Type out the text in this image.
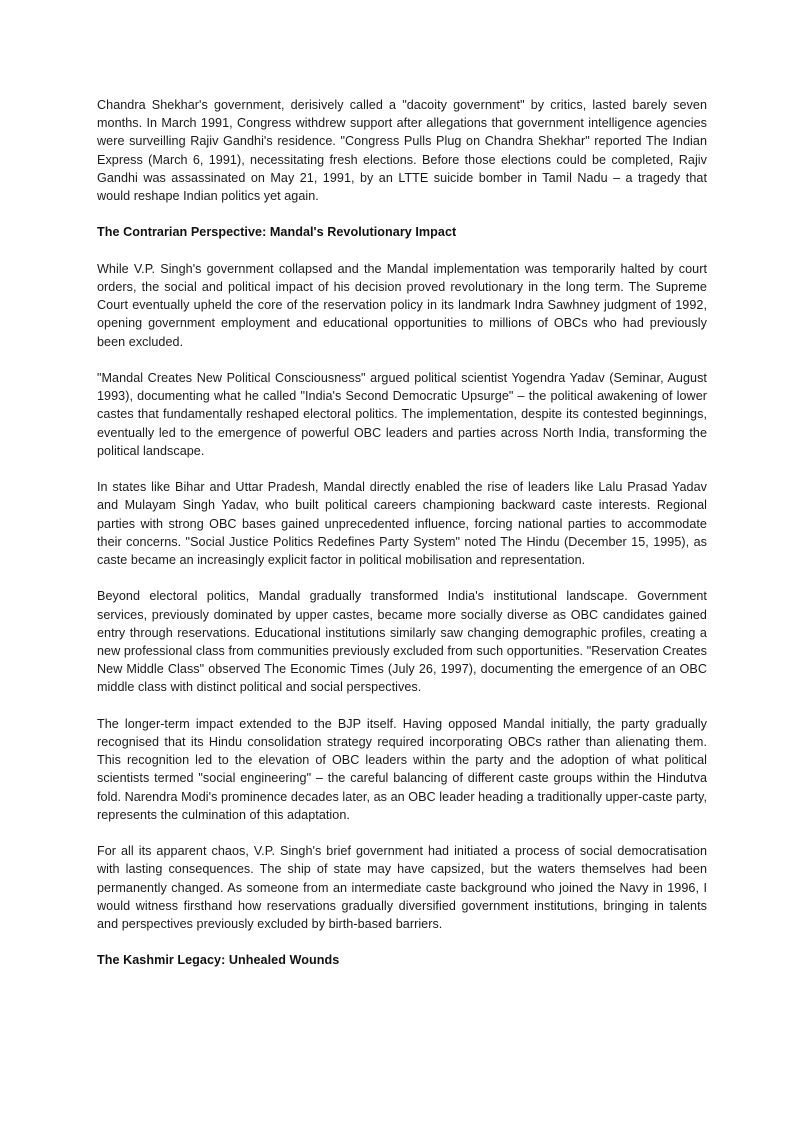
Chandra Shekhar's government, derisively called a "dacoity government" by critics, lasted barely seven months. In March 1991, Congress withdrew support after allegations that government intelligence agencies were surveilling Rajiv Gandhi's residence. "Congress Pulls Plug on Chandra Shekhar" reported The Indian Express (March 6, 1991), necessitating fresh elections. Before those elections could be completed, Rajiv Gandhi was assassinated on May 21, 1991, by an LTTE suicide bomber in Tamil Nadu – a tragedy that would reshape Indian politics yet again.

The Contrarian Perspective: Mandal's Revolutionary Impact

While V.P. Singh's government collapsed and the Mandal implementation was temporarily halted by court orders, the social and political impact of his decision proved revolutionary in the long term. The Supreme Court eventually upheld the core of the reservation policy in its landmark Indra Sawhney judgment of 1992, opening government employment and educational opportunities to millions of OBCs who had previously been excluded.

"Mandal Creates New Political Consciousness" argued political scientist Yogendra Yadav (Seminar, August 1993), documenting what he called "India's Second Democratic Upsurge" – the political awakening of lower castes that fundamentally reshaped electoral politics. The implementation, despite its contested beginnings, eventually led to the emergence of powerful OBC leaders and parties across North India, transforming the political landscape.

In states like Bihar and Uttar Pradesh, Mandal directly enabled the rise of leaders like Lalu Prasad Yadav and Mulayam Singh Yadav, who built political careers championing backward caste interests. Regional parties with strong OBC bases gained unprecedented influence, forcing national parties to accommodate their concerns. "Social Justice Politics Redefines Party System" noted The Hindu (December 15, 1995), as caste became an increasingly explicit factor in political mobilisation and representation.

Beyond electoral politics, Mandal gradually transformed India's institutional landscape. Government services, previously dominated by upper castes, became more socially diverse as OBC candidates gained entry through reservations. Educational institutions similarly saw changing demographic profiles, creating a new professional class from communities previously excluded from such opportunities. "Reservation Creates New Middle Class" observed The Economic Times (July 26, 1997), documenting the emergence of an OBC middle class with distinct political and social perspectives.

The longer-term impact extended to the BJP itself. Having opposed Mandal initially, the party gradually recognised that its Hindu consolidation strategy required incorporating OBCs rather than alienating them. This recognition led to the elevation of OBC leaders within the party and the adoption of what political scientists termed "social engineering" – the careful balancing of different caste groups within the Hindutva fold. Narendra Modi's prominence decades later, as an OBC leader heading a traditionally upper-caste party, represents the culmination of this adaptation.

For all its apparent chaos, V.P. Singh's brief government had initiated a process of social democratisation with lasting consequences. The ship of state may have capsized, but the waters themselves had been permanently changed. As someone from an intermediate caste background who joined the Navy in 1996, I would witness firsthand how reservations gradually diversified government institutions, bringing in talents and perspectives previously excluded by birth-based barriers.

The Kashmir Legacy: Unhealed Wounds
